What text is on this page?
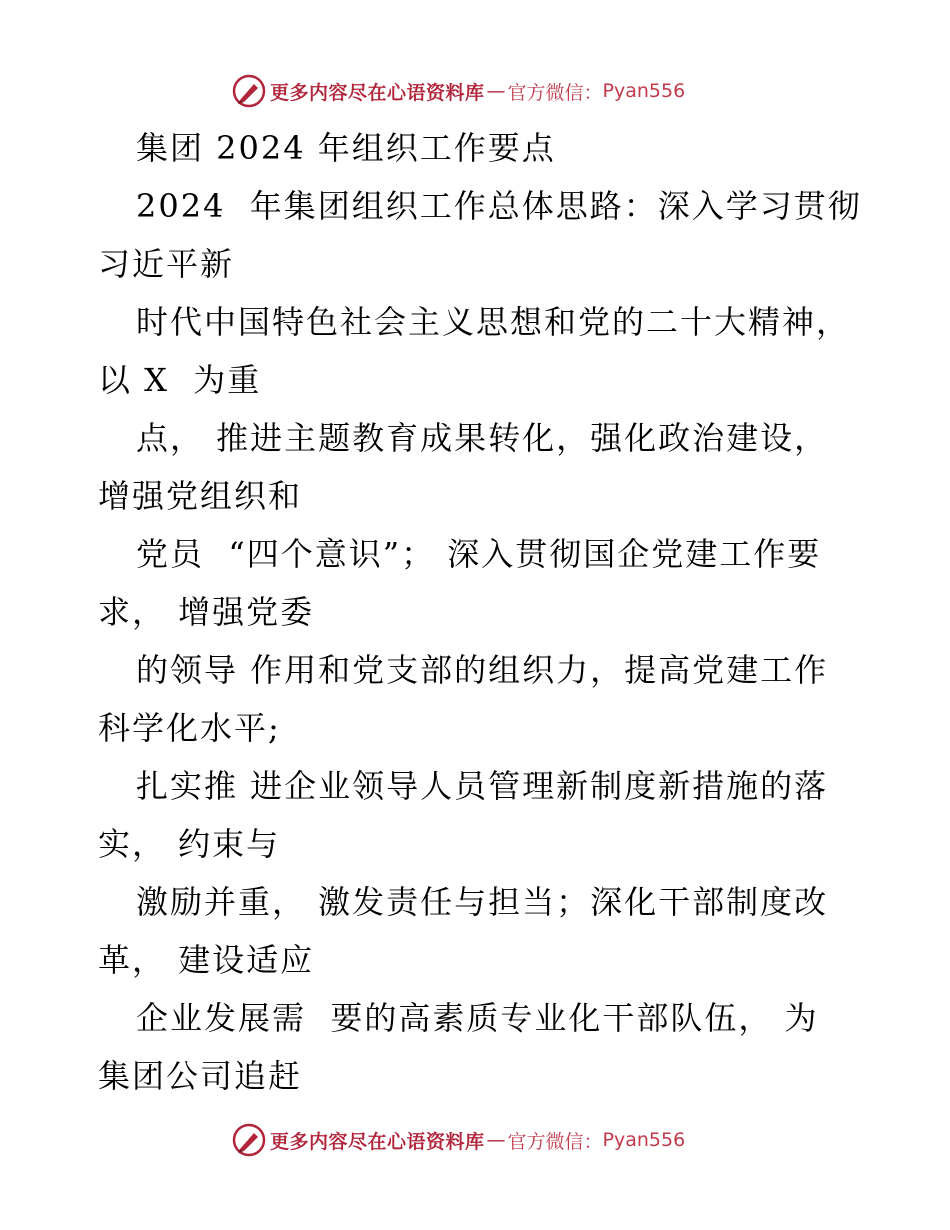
更多内容尽在心语资料库 — 官方微信： Pyan556
集团 2024 年组织工作要点
2024  年集团组织工作总体思路：深入学习贯彻
习近平新
时代中国特色社会主义思想和党的二十大精神，
以 X  为重
点， 推进主题教育成果转化，强化政治建设，
增强党组织和
党员  “四个意识”； 深入贯彻国企党建工作要
求， 增强党委
的领导 作用和党支部的组织力，提高党建工作
科学化水平;
扎实推 进企业领导人员管理新制度新措施的落
实， 约束与
激励并重， 激发责任与担当；深化干部制度改
革， 建设适应
企业发展需  要的高素质专业化干部队伍， 为
集团公司追赶
更多内容尽在心语资料库 — 官方微信： Pyan556
